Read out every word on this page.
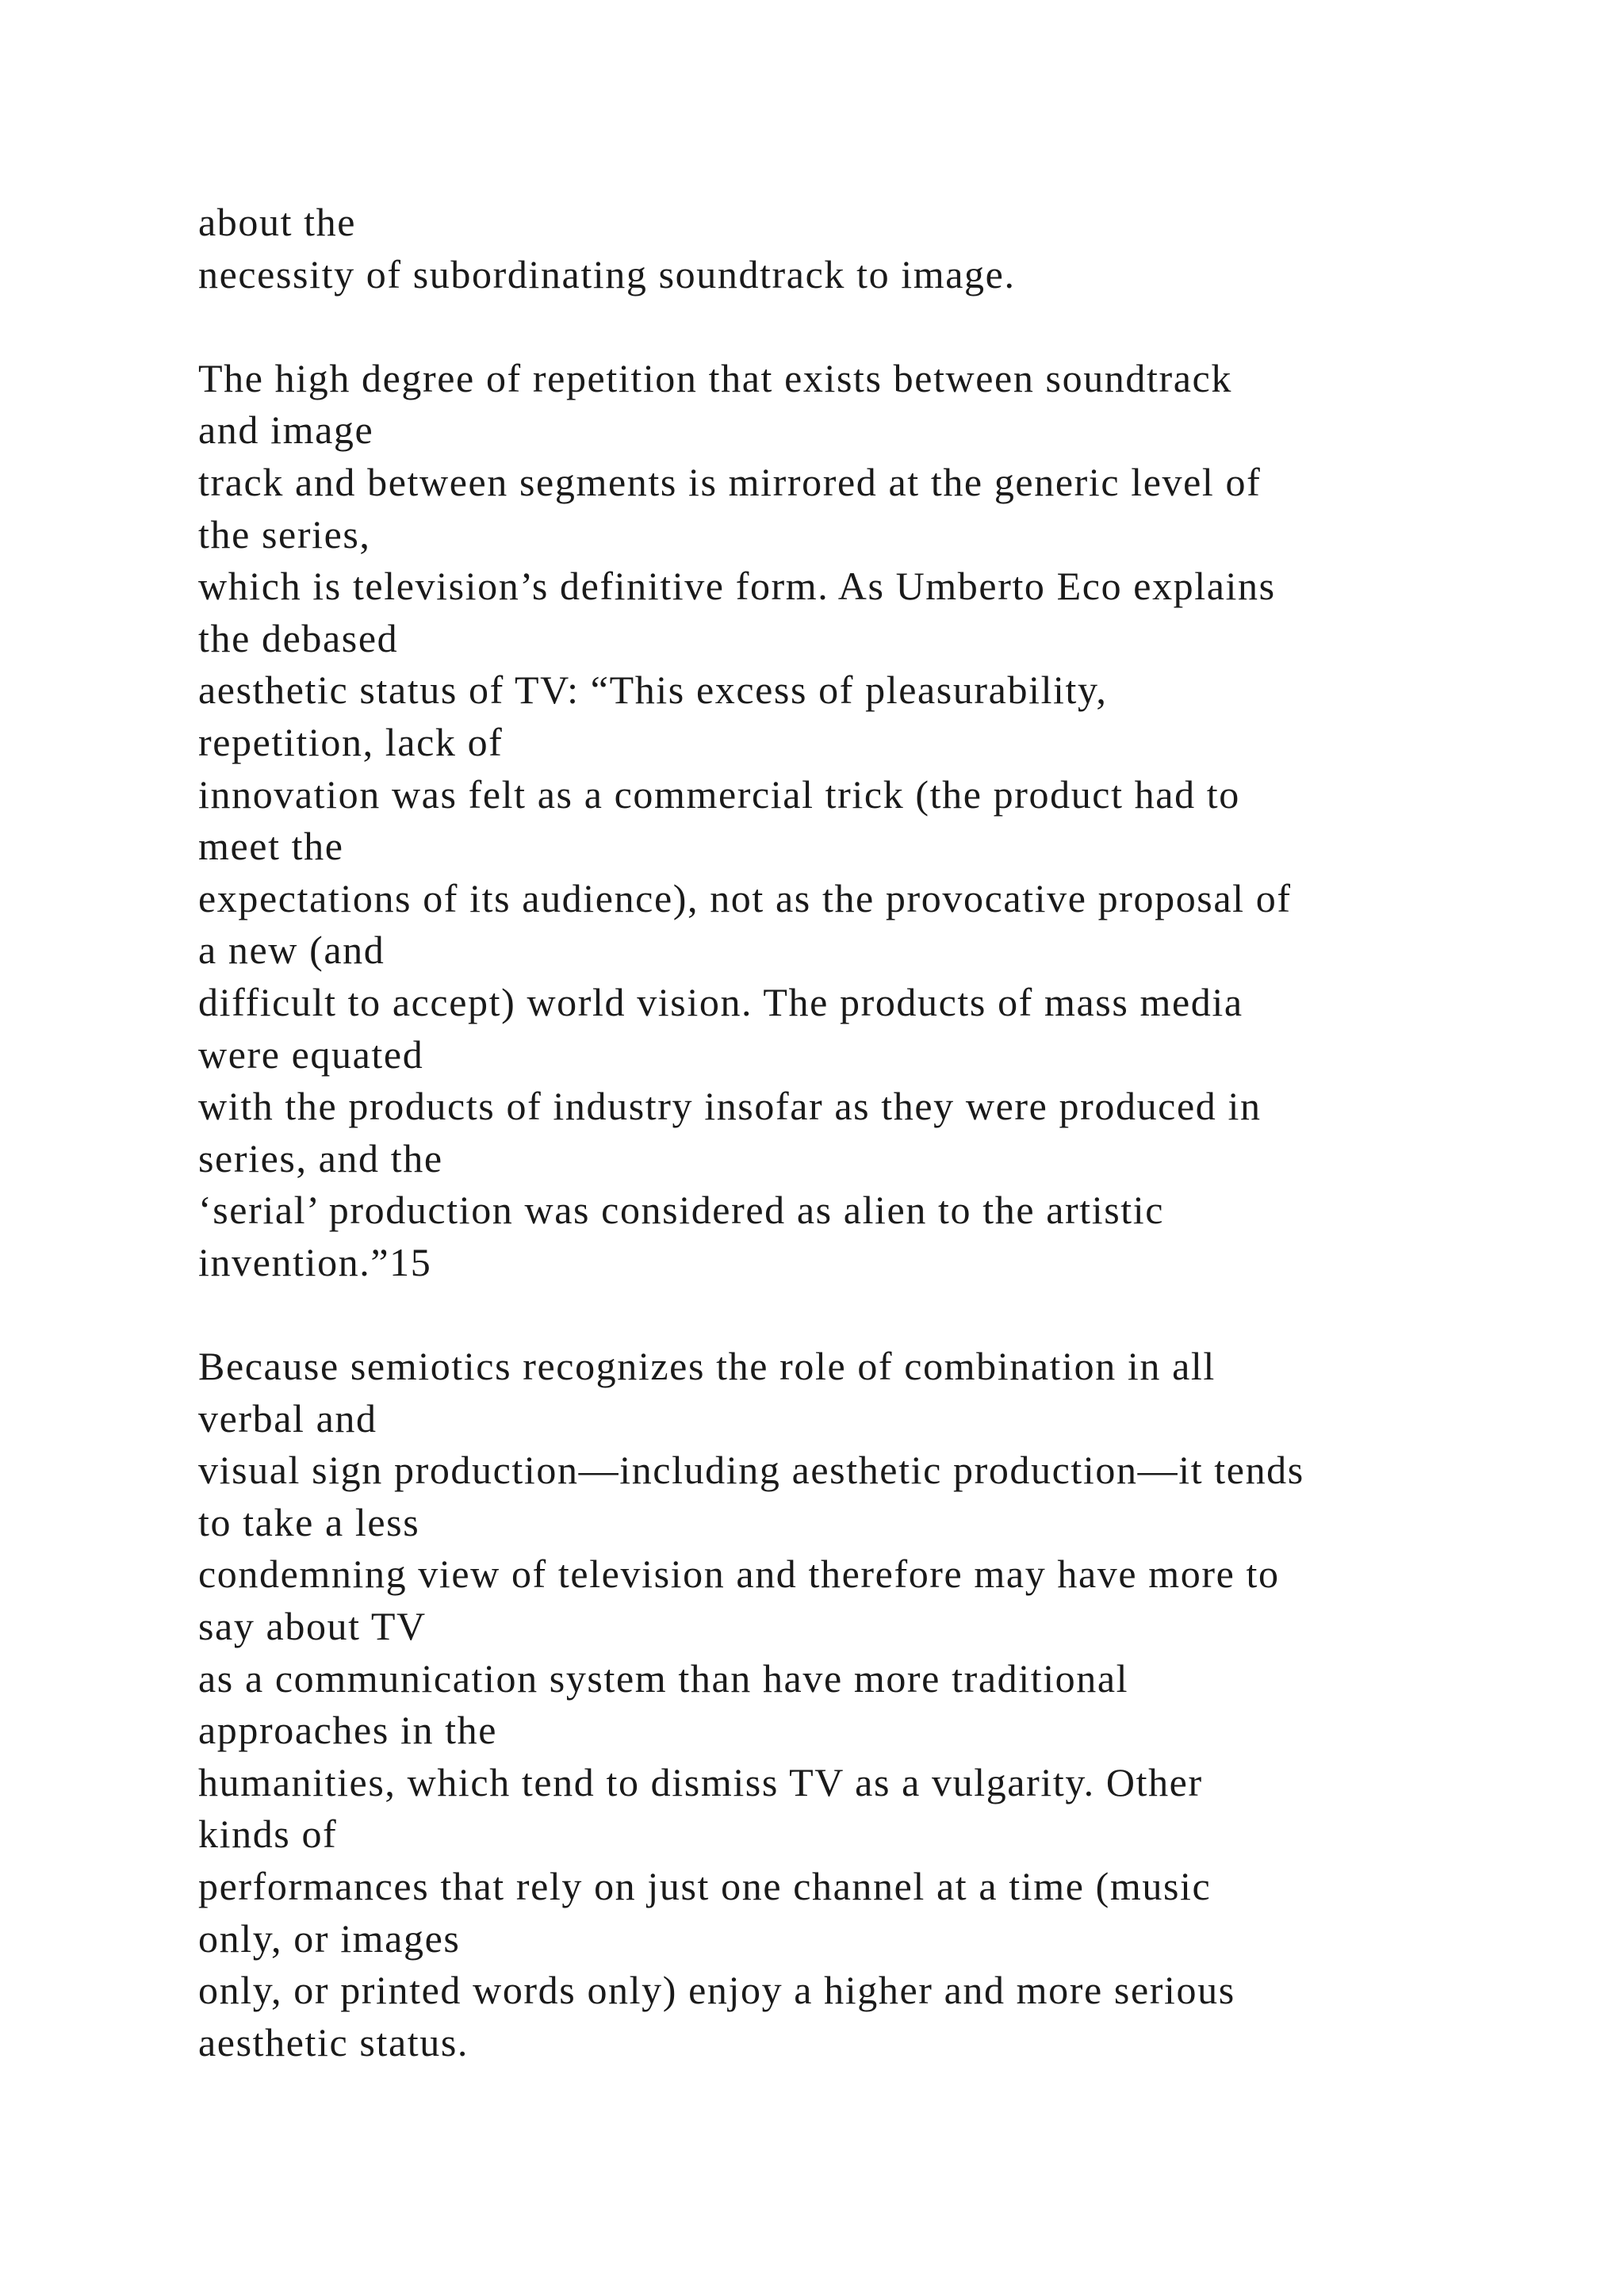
about the
necessity of subordinating soundtrack to image.
The high degree of repetition that exists between soundtrack
and image
track and between segments is mirrored at the generic level of
the series,
which is television’s definitive form. As Umberto Eco explains
the debased
aesthetic status of TV: “This excess of pleasurability,
repetition, lack of
innovation was felt as a commercial trick (the product had to
meet the
expectations of its audience), not as the provocative proposal of
a new (and
difficult to accept) world vision. The products of mass media
were equated
with the products of industry insofar as they were produced in
series, and the
‘serial’ production was considered as alien to the artistic
invention.”15
Because semiotics recognizes the role of combination in all
verbal and
visual sign production—including aesthetic production—it tends
to take a less
condemning view of television and therefore may have more to
say about TV
as a communication system than have more traditional
approaches in the
humanities, which tend to dismiss TV as a vulgarity. Other
kinds of
performances that rely on just one channel at a time (music
only, or images
only, or printed words only) enjoy a higher and more serious
aesthetic status.
